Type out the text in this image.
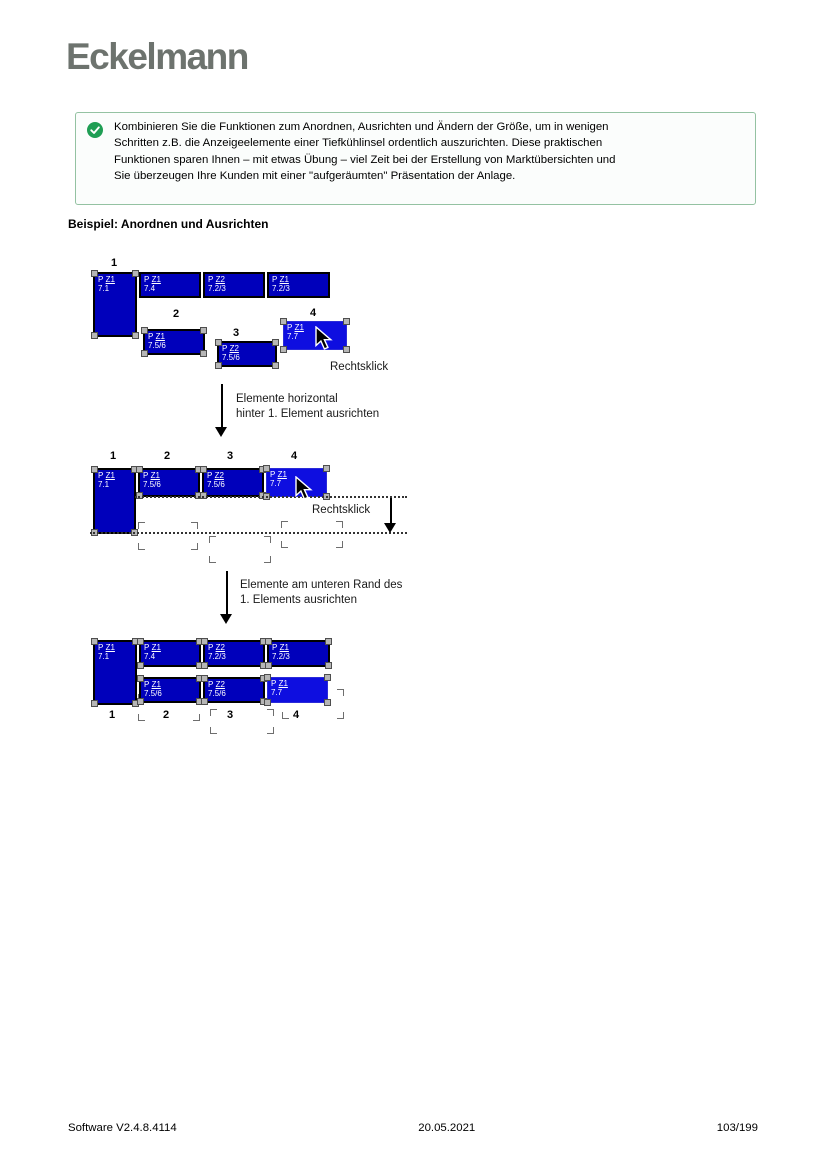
Eckelmann
Kombinieren Sie die Funktionen zum Anordnen, Ausrichten und Ändern der Größe, um in wenigen
Schritten z.B. die Anzeigeelemente einer Tiefkühlinsel ordentlich auszurichten. Diese praktischen
Funktionen sparen Ihnen – mit etwas Übung – viel Zeit bei der Erstellung von Marktübersichten und
Sie überzeugen Ihre Kunden mit einer "aufgeräumten" Präsentation der Anlage.
Beispiel: Anordnen und Ausrichten
P Z1
7.1
P Z1
7.4
P Z2
7.2/3
P Z1
7.2/3
P Z1
7.5/6	P Z2
7.5/6
P Z1
7.7
1
2
3
4
Rechtsklick
P Z1
7.1
P Z1
7.5/6
P Z2
7.5/6
P Z1
7.7
1	2	3	4
Rechtsklick
P Z1
7.1
P Z1
7.4
P Z2
7.2/3
P Z1
7.2/3
P Z1
7.5/6
P Z2
7.5/6
P Z1
7.7
1	2	3	4
Elemente horizontal
hinter 1. Element ausrichten
Elemente am unteren Rand des
1. Elements ausrichten
Software V2.4.8.4114	20.05.2021	103/199
